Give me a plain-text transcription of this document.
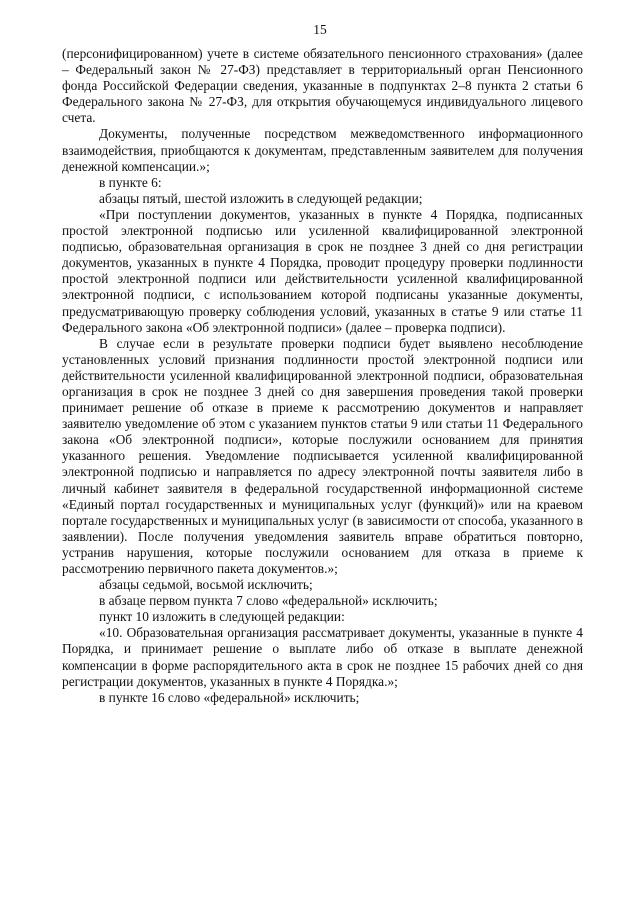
15

(персонифицированном) учете в системе обязательного пенсионного страхования» (далее – Федеральный закон № 27-ФЗ) представляет в территориальный орган Пенсионного фонда Российской Федерации сведения, указанные в подпунктах 2–8 пункта 2 статьи 6 Федерального закона № 27-ФЗ, для открытия обучающемуся индивидуального лицевого счета.

Документы, полученные посредством межведомственного информационного взаимодействия, приобщаются к документам, представленным заявителем для получения денежной компенсации.»;

в пункте 6:

абзацы пятый, шестой изложить в следующей редакции;

«При поступлении документов, указанных в пункте 4 Порядка, подписанных простой электронной подписью или усиленной квалифицированной электронной подписью, образовательная организация в срок не позднее 3 дней со дня регистрации документов, указанных в пункте 4 Порядка, проводит процедуру проверки подлинности простой электронной подписи или действительности усиленной квалифицированной электронной подписи, с использованием которой подписаны указанные документы, предусматривающую проверку соблюдения условий, указанных в статье 9 или статье 11 Федерального закона «Об электронной подписи» (далее – проверка подписи).

В случае если в результате проверки подписи будет выявлено несоблюдение установленных условий признания подлинности простой электронной подписи или действительности усиленной квалифицированной электронной подписи, образовательная организация в срок не позднее 3 дней со дня завершения проведения такой проверки принимает решение об отказе в приеме к рассмотрению документов и направляет заявителю уведомление об этом с указанием пунктов статьи 9 или статьи 11 Федерального закона «Об электронной подписи», которые послужили основанием для принятия указанного решения. Уведомление подписывается усиленной квалифицированной электронной подписью и направляется по адресу электронной почты заявителя либо в личный кабинет заявителя в федеральной государственной информационной системе «Единый портал государственных и муниципальных услуг (функций)» или на краевом портале государственных и муниципальных услуг (в зависимости от способа, указанного в заявлении). После получения уведомления заявитель вправе обратиться повторно, устранив нарушения, которые послужили основанием для отказа в приеме к рассмотрению первичного пакета документов.»;

абзацы седьмой, восьмой исключить;

в абзаце первом пункта 7 слово «федеральной» исключить;

пункт 10 изложить в следующей редакции:

«10. Образовательная организация рассматривает документы, указанные в пункте 4 Порядка, и принимает решение о выплате либо об отказе в выплате денежной компенсации в форме распорядительного акта в срок не позднее 15 рабочих дней со дня регистрации документов, указанных в пункте 4 Порядка.»;

в пункте 16 слово «федеральной» исключить;
